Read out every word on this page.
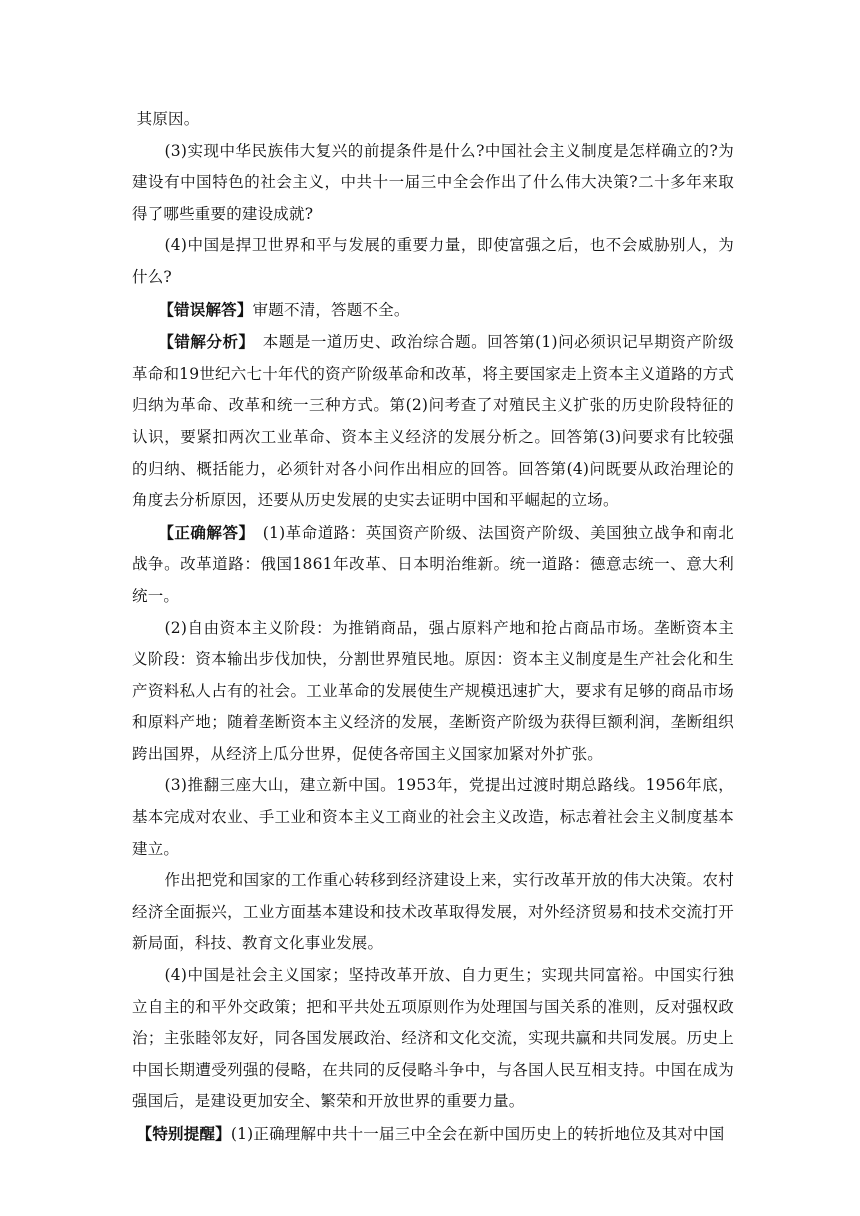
其原因。

(3)实现中华民族伟大复兴的前提条件是什么?中国社会主义制度是怎样确立的?为建设有中国特色的社会主义，中共十一届三中全会作出了什么伟大决策?二十多年来取得了哪些重要的建设成就?

(4)中国是捍卫世界和平与发展的重要力量，即使富强之后，也不会威胁别人，为什么?

【错误解答】审题不清，答题不全。

【错解分析】　本题是一道历史、政治综合题。回答第(1)问必须识记早期资产阶级革命和19世纪六七十年代的资产阶级革命和改革，将主要国家走上资本主义道路的方式归纳为革命、改革和统一三种方式。第(2)问考查了对殖民主义扩张的历史阶段特征的认识，要紧扣两次工业革命、资本主义经济的发展分析之。回答第(3)问要求有比较强的归纳、概括能力，必须针对各小问作出相应的回答。回答第(4)问既要从政治理论的角度去分析原因，还要从历史发展的史实去证明中国和平崛起的立场。

【正确解答】　(1)革命道路：英国资产阶级、法国资产阶级、美国独立战争和南北战争。改革道路：俄国1861年改革、日本明治维新。统一道路：德意志统一、意大利统一。

(2)自由资本主义阶段：为推销商品，强占原料产地和抢占商品市场。垄断资本主义阶段：资本输出步伐加快，分割世界殖民地。原因：资本主义制度是生产社会化和生产资料私人占有的社会。工业革命的发展使生产规模迅速扩大，要求有足够的商品市场和原料产地；随着垄断资本主义经济的发展，垄断资产阶级为获得巨额利润，垄断组织跨出国界，从经济上瓜分世界，促使各帝国主义国家加紧对外扩张。

(3)推翻三座大山，建立新中国。1953年，党提出过渡时期总路线。1956年底，基本完成对农业、手工业和资本主义工商业的社会主义改造，标志着社会主义制度基本建立。

作出把党和国家的工作重心转移到经济建设上来，实行改革开放的伟大决策。农村经济全面振兴，工业方面基本建设和技术改革取得发展，对外经济贸易和技术交流打开新局面，科技、教育文化事业发展。

(4)中国是社会主义国家；坚持改革开放、自力更生；实现共同富裕。中国实行独立自主的和平外交政策；把和平共处五项原则作为处理国与国关系的准则，反对强权政治；主张睦邻友好，同各国发展政治、经济和文化交流，实现共赢和共同发展。历史上中国长期遭受列强的侵略，在共同的反侵略斗争中，与各国人民互相支持。中国在成为强国后，是建设更加安全、繁荣和开放世界的重要力量。

【特别提醒】(1)正确理解中共十一届三中全会在新中国历史上的转折地位及其对中国
